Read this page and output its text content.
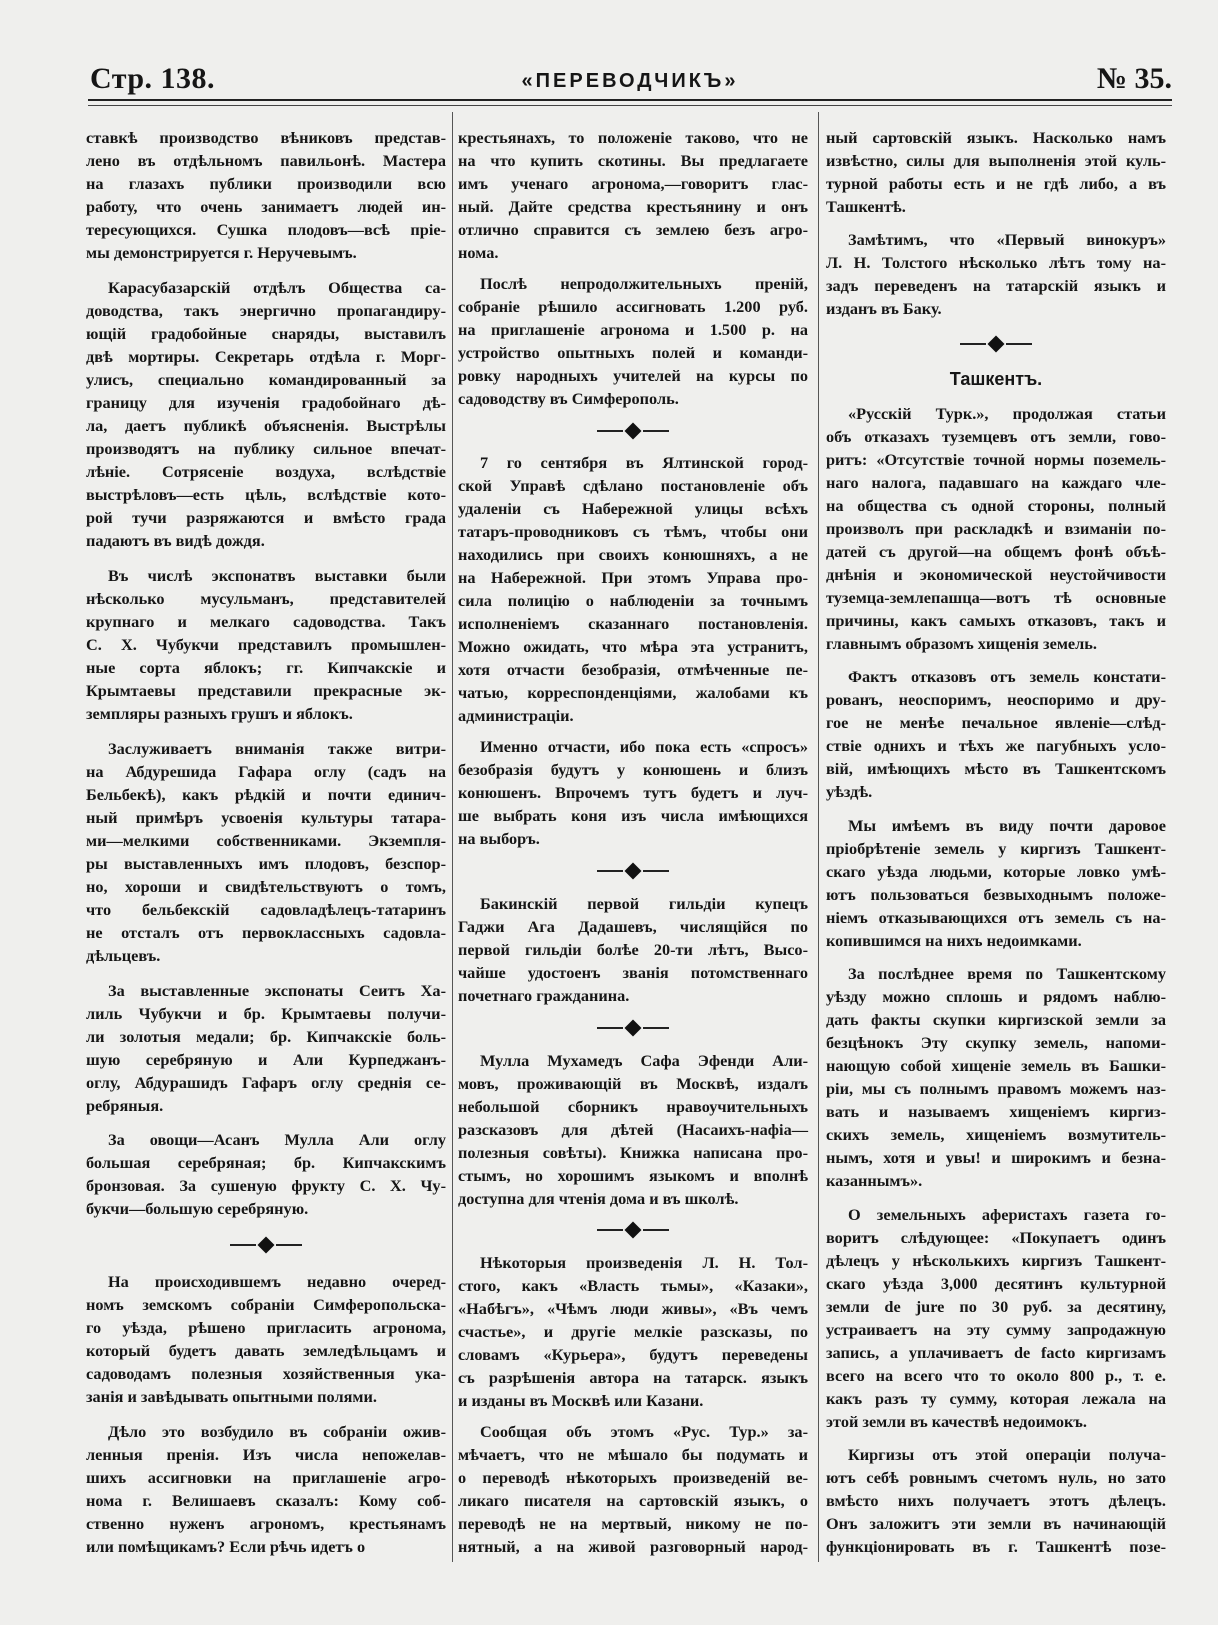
Стр. 138.	«ПЕРЕВОДЧИКЪ»	№ 35.
ставкѣ производство вѣниковъ представ-
лено въ отдѣльномъ павильонѣ. Мастера
на глазахъ публики производили всю
работу, что очень занимаетъ людей ин-
тересующихся. Сушка плодовъ—всѣ прiе-
мы демонстрируется г. Неручевымъ.
Карасубазарскiй отдѣлъ Общества са-
доводства, такъ энергично пропагандиру-
ющiй градобойные снаряды, выставилъ
двѣ мортиры. Секретарь отдѣла г. Морг-
улисъ, специально командированный за
границу для изученiя градобойнаго дѣ-
ла, даетъ публикѣ объясненiя. Выстрѣлы
производятъ на публику сильное впечат-
лѣнiе. Сотрясенiе воздуха, вслѣдствiе
выстрѣловъ—есть цѣль, вслѣдствiе кото-
рой тучи разряжаются и вмѣсто града
падаютъ въ видѣ дождя.
Въ числѣ экспонатвъ выставки были
нѣсколько мусульманъ, представителей
крупнаго и мелкаго садоводства. Такъ
С. Х. Чубукчи представилъ промышлен-
ные сорта яблокъ; гг. Кипчакскiе и
Крымтаевы представили прекрасные эк-
земпляры разныхъ грушъ и яблокъ.
Заслуживаетъ вниманiя также витри-
на Абдурешида Гафара оглу (садъ на
Бельбекѣ), какъ рѣдкiй и почти единич-
ный примѣръ усвоенiя культуры татара-
ми—мелкими собственниками. Экземпля-
ры выставленныхъ имъ плодовъ, безспор-
но, хороши и свидѣтельствуютъ о томъ,
что бельбекскiй садовладѣлецъ-татаринъ
не отсталъ отъ первоклассныхъ садовла-
дѣльцевъ.
За выставленные экспонаты Сеитъ Ха-
лиль Чубукчи и бр. Крымтаевы получи-
ли золотыя медали; бр. Кипчакскiе боль-
шую серебряную и Али Курпеджанъ-
оглу, Абдурашидъ Гафаръ оглу среднiя се-
ребряныя.
За овощи—Асанъ Мулла Али оглу
большая серебряная; бр. Кипчакскимъ
бронзовая. За сушеную фрукту С. Х. Чу-
букчи—большую серебряную.
На происходившемъ недавно очеред-
номъ земскомъ собранiи Симферопольска-
го уѣзда, рѣшено пригласить агронома,
который будетъ давать земледѣльцамъ и
садоводамъ полезныя хозяйственныя ука-
занiя и завѣдывать опытными полями.
Дѣло это возбудило въ собранiи ожив-
ленныя пренiя. Изъ числа непожелав-
шихъ ассигновки на приглашенiе агро-
нома г. Велишаевъ сказалъ: Кому соб-
ственно нуженъ агрономъ, крестьянамъ
или помѣщикамъ? Если рѣчь идетъ о
крестьянахъ, то положенiе таково, что не
на что купить скотины. Вы предлагаете
имъ ученаго агронома,—говоритъ глас-
ный. Дайте средства крестьянину и онъ
отлично справится съ землею безъ агро-
нома.
Послѣ непродолжительныхъ пренiй,
собранiе рѣшило ассигновать 1.200 руб.
на приглашенiе агронома и 1.500 р. на
устройство опытныхъ полей и команди-
ровку народныхъ учителей на курсы по
садоводству въ Симферополь.
7 го сентября въ Ялтинской город-
ской Управѣ сдѣлано постановленiе объ
удаленiи съ Набережной улицы всѣхъ
татаръ-проводниковъ съ тѣмъ, чтобы они
находились при своихъ конюшняхъ, а не
на Набережной. При этомъ Управа про-
сила полицiю о наблюденiи за точнымъ
исполненiемъ сказаннаго постановленiя.
Можно ожидать, что мѣра эта устранитъ,
хотя отчасти безобразiя, отмѣченные пе-
чатью, корреспонденцiями, жалобами къ
администрацiи.
Именно отчасти, ибо пока есть «спросъ»
безобразiя будутъ у конюшень и близъ
конюшенъ. Впрочемъ тутъ будетъ и луч-
ше выбрать коня изъ числа имѣющихся
на выборъ.
Бакинскiй первой гильдiи купецъ
Гаджи Ага Дадашевъ, числящiйся по
первой гильдiи болѣе 20-ти лѣтъ, Высо-
чайше удостоенъ званiя потомственнаго
почетнаго гражданина.
Мулла Мухамедъ Сафа Эфенди Али-
мовъ, проживающiй въ Москвѣ, издалъ
небольшой сборникъ нравоучительныхъ
разсказовъ для дѣтей (Насаихъ-нафiа—
полезныя совѣты). Книжка написана про-
стымъ, но хорошимъ языкомъ и вполнѣ
доступна для чтенiя дома и въ школѣ.
Нѣкоторыя произведенiя Л. Н. Тол-
стого, какъ «Власть тьмы», «Казаки»,
«Набѣгъ», «Чѣмъ люди живы», «Въ чемъ
счастье», и другiе мелкiе разсказы, по
словамъ «Курьера», будутъ переведены
съ разрѣшенiя автора на татарск. языкъ
и изданы въ Москвѣ или Казани.
Сообщая объ этомъ «Рус. Тур.» за-
мѣчаетъ, что не мѣшало бы подумать и
о переводѣ нѣкоторыхъ произведенiй ве-
ликаго писателя на сартовскiй языкъ, о
переводѣ не на мертвый, никому не по-
нятный, а на живой разговорный народ-
ный сартовскiй языкъ. Насколько намъ
извѣстно, силы для выполненiя этой куль-
турной работы есть и не гдѣ либо, а въ
Ташкентѣ.
Замѣтимъ, что «Первый винокуръ»
Л. Н. Толстого нѣсколько лѣтъ тому на-
задъ переведенъ на татарскiй языкъ и
изданъ въ Баку.
Ташкентъ.
«Русскiй Турк.», продолжая статьи
объ отказахъ туземцевъ отъ земли, гово-
ритъ: «Отсутствiе точной нормы поземель-
наго налога, падавшаго на каждаго чле-
на общества съ одной стороны, полный
произволъ при раскладкѣ и взиманiи по-
датей съ другой—на общемъ фонѣ объѣ-
днѣнiя и экономической неустойчивости
туземца-землепашца—вотъ тѣ основные
причины, какъ самыхъ отказовъ, такъ и
главнымъ образомъ хищенiя земель.
Фактъ отказовъ отъ земель констати-
рованъ, неоспоримъ, неоспоримо и дру-
гое не менѣе печальное явленiе—слѣд-
ствiе однихъ и тѣхъ же пагубныхъ усло-
вiй, имѣющихъ мѣсто въ Ташкентскомъ
уѣздѣ.
Мы имѣемъ въ виду почти даровое
прiобрѣтенiе земель у киргизъ Ташкент-
скаго уѣзда людьми, которые ловко умѣ-
ютъ пользоваться безвыходнымъ положе-
нiемъ отказывающихся отъ земель съ на-
копившимся на нихъ недоимками.
За послѣднее время по Ташкентскому
уѣзду можно сплошь и рядомъ наблю-
дать факты скупки киргизской земли за
безцѣнокъ Эту скупку земель, напоми-
нающую собой хищенiе земель въ Башки-
рiи, мы съ полнымъ правомъ можемъ наз-
вать и называемъ хищенiемъ киргиз-
скихъ земель, хищенiемъ возмутитель-
нымъ, хотя и увы! и широкимъ и безна-
казаннымъ».
О земельныхъ аферистахъ газета го-
воритъ слѣдующее: «Покупаетъ одинъ
дѣлецъ у нѣсколькихъ киргизъ Ташкент-
скаго уѣзда 3,000 десятинъ культурной
земли de jure по 30 руб. за десятину,
устраиваетъ на эту сумму запродажную
запись, а уплачиваетъ de facto киргизамъ
всего на всего что то около 800 р., т. е.
какъ разъ ту сумму, которая лежала на
этой земли въ качествѣ недоимокъ.
Киргизы отъ этой операцiи получа-
ютъ себѣ ровнымъ счетомъ нуль, но зато
вмѣсто нихъ получаетъ этотъ дѣлецъ.
Онъ заложитъ эти земли въ начинающiй
функцiонировать въ г. Ташкентѣ позе-
